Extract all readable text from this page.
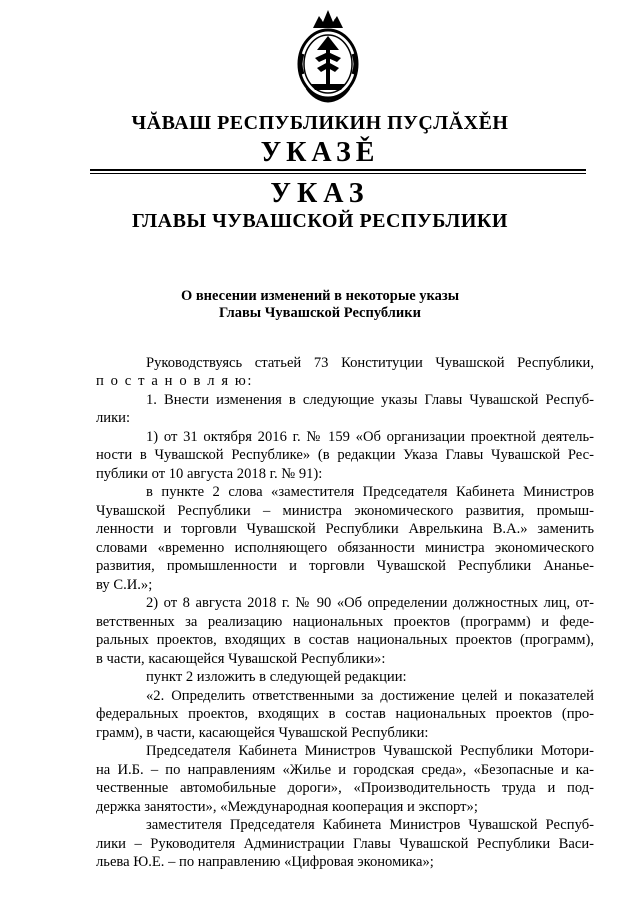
ЧĂВАШ РЕСПУБЛИКИН ПУҪЛĂХĚН
УКАЗĚ
УКАЗ
ГЛАВЫ ЧУВАШСКОЙ РЕСПУБЛИКИ
О внесении изменений в некоторые указы
Главы Чувашской Республики
Руководствуясь статьей 73 Конституции Чувашской Республики,
п о с т а н о в л я ю:
1. Внести изменения в следующие указы Главы Чувашской Респуб-
лики:
1) от 31 октября 2016 г. № 159 «Об организации проектной деятель-
ности в Чувашской Республике» (в редакции Указа Главы Чувашской Рес-
публики от 10 августа 2018 г. № 91):
в пункте 2 слова «заместителя Председателя Кабинета Министров
Чувашской Республики – министра экономического развития, промыш-
ленности и торговли Чувашской Республики Аврелькина В.А.» заменить
словами «временно исполняющего обязанности министра экономического
развития, промышленности и торговли Чувашской Республики Ананье-
ву С.И.»;
2) от 8 августа 2018 г. № 90 «Об определении должностных лиц, от-
ветственных за реализацию национальных проектов (программ) и феде-
ральных проектов, входящих в состав национальных проектов (программ),
в части, касающейся Чувашской Республики»:
пункт 2 изложить в следующей редакции:
«2. Определить ответственными за достижение целей и показателей
федеральных проектов, входящих в состав национальных проектов (про-
грамм), в части, касающейся Чувашской Республики:
Председателя Кабинета Министров Чувашской Республики Мотори-
на И.Б. – по направлениям «Жилье и городская среда», «Безопасные и ка-
чественные автомобильные дороги», «Производительность труда и под-
держка занятости», «Международная кооперация и экспорт»;
заместителя Председателя Кабинета Министров Чувашской Респуб-
лики – Руководителя Администрации Главы Чувашской Республики Васи-
льева Ю.Е. – по направлению «Цифровая экономика»;
